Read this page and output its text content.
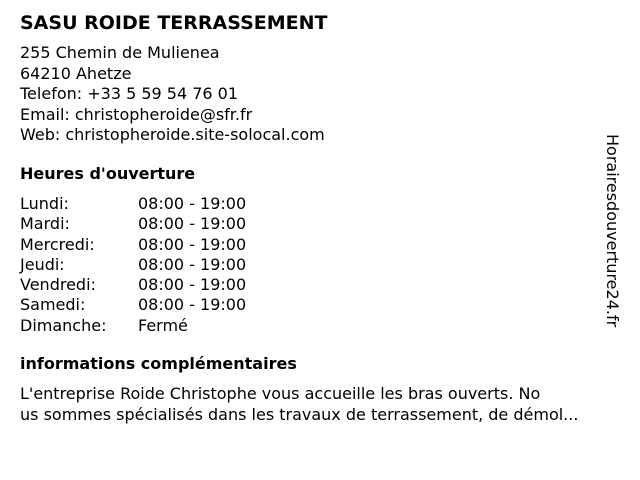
SASU ROIDE TERRASSEMENT
255 Chemin de Mulienea
64210 Ahetze
Telefon: +33 5 59 54 76 01
Email: christopheroide@sfr.fr
Web: christopheroide.site-solocal.com
Heures d'ouverture
Lundi:	08:00 - 19:00
Mardi:	08:00 - 19:00
Mercredi:	08:00 - 19:00
Jeudi:	08:00 - 19:00
Vendredi:	08:00 - 19:00
Samedi:	08:00 - 19:00
Dimanche:	Fermé
informations complémentaires
L'entreprise Roide Christophe vous accueille les bras ouverts. No
us sommes spécialisés dans les travaux de terrassement, de démol...
Horairesdouverture24.fr
